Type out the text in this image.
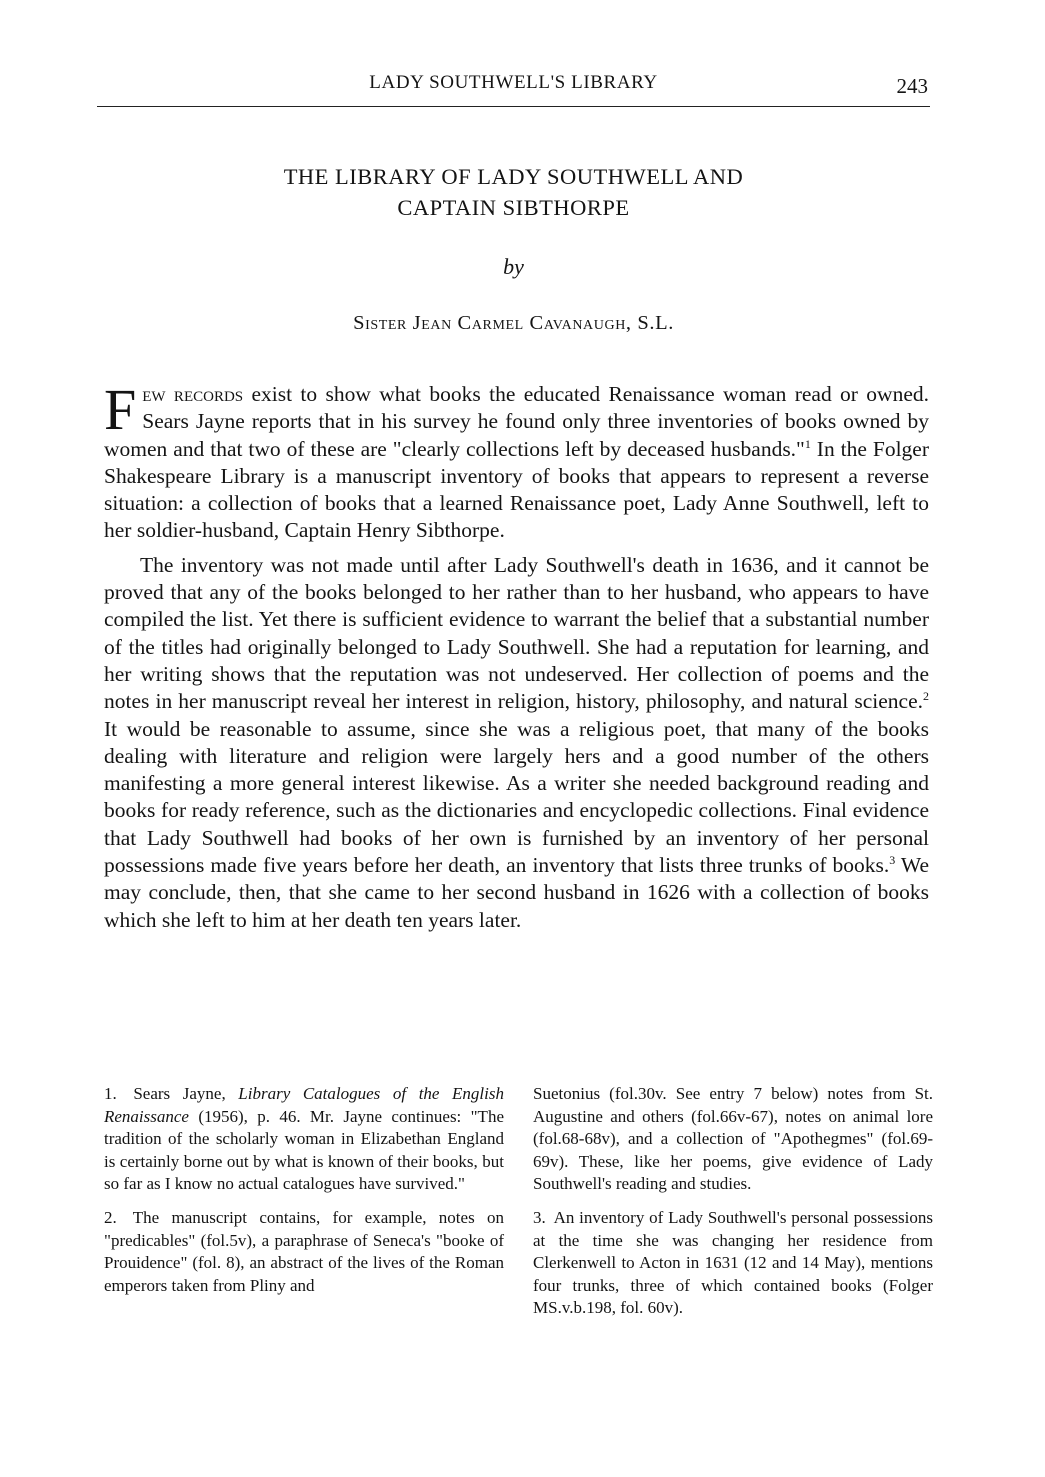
LADY SOUTHWELL'S LIBRARY	243
THE LIBRARY OF LADY SOUTHWELL AND
CAPTAIN SIBTHORPE
by
Sister Jean Carmel Cavanaugh, S.L.

Few records exist to show what books the educated Renaissance woman read or owned. Sears Jayne reports that in his survey he found only three inventories of books owned by women and that two of these are "clearly collections left by deceased husbands."$^1$ In the Folger Shakespeare Library is a manuscript inventory of books that appears to represent a reverse situation: a collection of books that a learned Renaissance poet, Lady Anne Southwell, left to her soldier-husband, Captain Henry Sibthorpe.

The inventory was not made until after Lady Southwell's death in 1636, and it cannot be proved that any of the books belonged to her rather than to her husband, who appears to have compiled the list. Yet there is sufficient evidence to warrant the belief that a substantial number of the titles had originally belonged to Lady Southwell. She had a reputation for learning, and her writing shows that the reputation was not undeserved. Her collection of poems and the notes in her manuscript reveal her interest in religion, history, philosophy, and natural science.$^2$ It would be reasonable to assume, since she was a religious poet, that many of the books dealing with literature and religion were largely hers and a good number of the others manifesting a more general interest likewise. As a writer she needed background reading and books for ready reference, such as the dictionaries and encyclopedic collections. Final evidence that Lady Southwell had books of her own is furnished by an inventory of her personal possessions made five years before her death, an inventory that lists three trunks of books.$^3$ We may conclude, then, that she came to her second husband in 1626 with a collection of books which she left to him at her death ten years later.

1. Sears Jayne, Library Catalogues of the English Renaissance (1956), p. 46. Mr. Jayne continues: "The tradition of the scholarly woman in Elizabethan England is certainly borne out by what is known of their books, but so far as I know no actual catalogues have survived."

2. The manuscript contains, for example, notes on "predicables" (fol.5v), a paraphrase of Seneca's "booke of Prouidence" (fol. 8), an abstract of the lives of the Roman emperors taken from Pliny and

Suetonius (fol.30v. See entry 7 below) notes from St. Augustine and others (fol.66v-67), notes on animal lore (fol.68-68v), and a collection of "Apothegmes" (fol.69-69v). These, like her poems, give evidence of Lady Southwell's reading and studies.

3. An inventory of Lady Southwell's personal possessions at the time she was changing her residence from Clerkenwell to Acton in 1631 (12 and 14 May), mentions four trunks, three of which contained books (Folger MS.v.b.198, fol. 60v).
